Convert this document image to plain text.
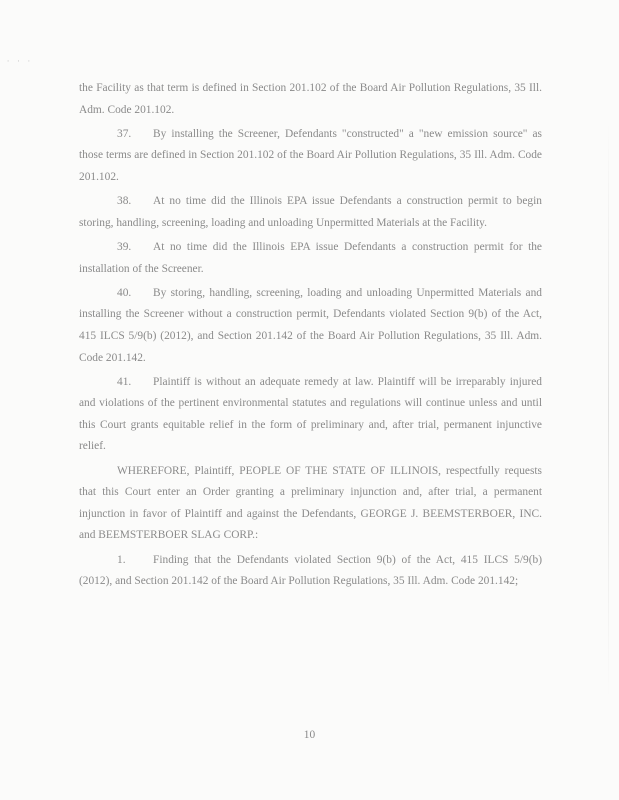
· · ·

the Facility as that term is defined in Section 201.102 of the Board Air Pollution Regulations, 35 Ill. Adm. Code 201.102.

37. By installing the Screener, Defendants "constructed" a "new emission source" as those terms are defined in Section 201.102 of the Board Air Pollution Regulations, 35 Ill. Adm. Code 201.102.

38. At no time did the Illinois EPA issue Defendants a construction permit to begin storing, handling, screening, loading and unloading Unpermitted Materials at the Facility.

39. At no time did the Illinois EPA issue Defendants a construction permit for the installation of the Screener.

40. By storing, handling, screening, loading and unloading Unpermitted Materials and installing the Screener without a construction permit, Defendants violated Section 9(b) of the Act, 415 ILCS 5/9(b) (2012), and Section 201.142 of the Board Air Pollution Regulations, 35 Ill. Adm. Code 201.142.

41. Plaintiff is without an adequate remedy at law. Plaintiff will be irreparably injured and violations of the pertinent environmental statutes and regulations will continue unless and until this Court grants equitable relief in the form of preliminary and, after trial, permanent injunctive relief.

WHEREFORE, Plaintiff, PEOPLE OF THE STATE OF ILLINOIS, respectfully requests that this Court enter an Order granting a preliminary injunction and, after trial, a permanent injunction in favor of Plaintiff and against the Defendants, GEORGE J. BEEMSTERBOER, INC. and BEEMSTERBOER SLAG CORP.:

1. Finding that the Defendants violated Section 9(b) of the Act, 415 ILCS 5/9(b) (2012), and Section 201.142 of the Board Air Pollution Regulations, 35 Ill. Adm. Code 201.142;

10
